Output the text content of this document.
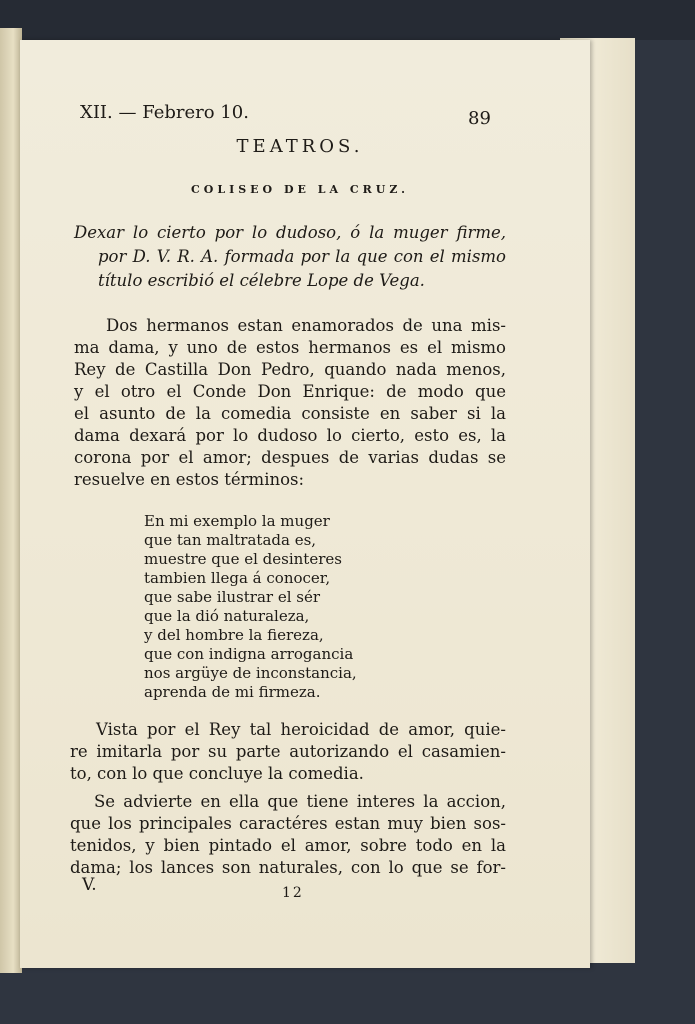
XII. — Febrero 10.	89
TEATROS.
COLISEO DE LA CRUZ.
Dexar lo cierto por lo dudoso, ó la muger firme,
por D. V. R. A. formada por la que con el mismo
título escribió el célebre Lope de Vega.
Dos hermanos estan enamorados de una mis-
ma dama, y uno de estos hermanos es el mismo
Rey de Castilla Don Pedro, quando nada menos,
y el otro el Conde Don Enrique: de modo que
el asunto de la comedia consiste en saber si la
dama dexará por lo dudoso lo cierto, esto es, la
corona por el amor; despues de varias dudas se
resuelve en estos términos:
En mi exemplo la muger
que tan maltratada es,
muestre que el desinteres
tambien llega á conocer,
que sabe ilustrar el sér
que la dió naturaleza,
y del hombre la fiereza,
que con indigna arrogancia
nos argüye de inconstancia,
aprenda de mi firmeza.
Vista por el Rey tal heroicidad de amor, quie-
re imitarla por su parte autorizando el casamien-
to, con lo que concluye la comedia.
Se advierte en ella que tiene interes la accion,
que los principales caractéres estan muy bien sos-
tenidos, y bien pintado el amor, sobre todo en la
dama; los lances son naturales, con lo que se for-
V.	12
